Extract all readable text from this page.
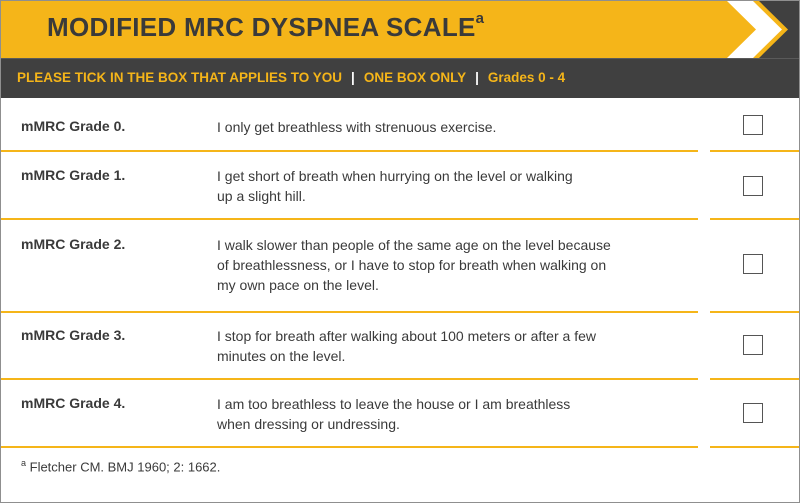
MODIFIED MRC DYSPNEA SCALE$^a$
PLEASE TICK IN THE BOX THAT APPLIES TO YOU | ONE BOX ONLY | Grades 0 - 4
mMRC Grade 0.	I only get breathless with strenuous exercise.
mMRC Grade 1.	I get short of breath when hurrying on the level or walking
up a slight hill.
mMRC Grade 2.	I walk slower than people of the same age on the level because
of breathlessness, or I have to stop for breath when walking on
my own pace on the level.
mMRC Grade 3.	I stop for breath after walking about 100 meters or after a few
minutes on the level.
mMRC Grade 4.	I am too breathless to leave the house or I am breathless
when dressing or undressing.
$^a$ Fletcher CM. BMJ 1960; 2: 1662.
